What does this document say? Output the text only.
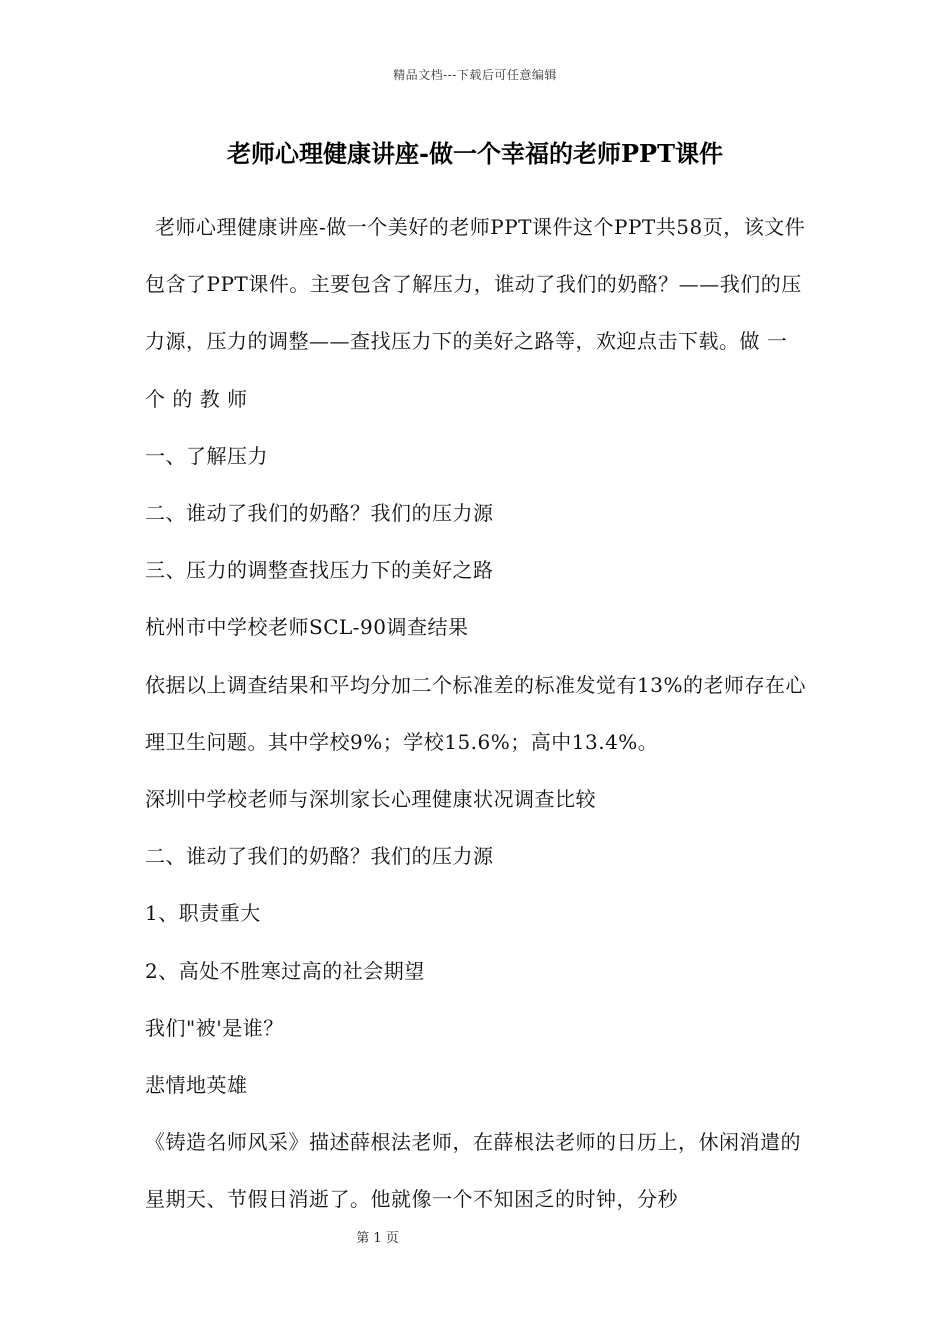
精品文档---下载后可任意编辑
老师心理健康讲座-做一个幸福的老师PPT课件

老师心理健康讲座-做一个美好的老师PPT课件这个PPT共58页，该文件包含了PPT课件。主要包含了解压力，谁动了我们的奶酪？——我们的压力源，压力的调整——查找压力下的美好之路等，欢迎点击下载。做 一 个 的 教 师

一、了解压力

二、谁动了我们的奶酪？我们的压力源

三、压力的调整查找压力下的美好之路

杭州市中学校老师SCL-90调查结果

依据以上调查结果和平均分加二个标准差的标准发觉有13%的老师存在心理卫生问题。其中学校9%；学校15.6%；高中13.4%。

深圳中学校老师与深圳家长心理健康状况调查比较

二、谁动了我们的奶酪？我们的压力源

1、职责重大

2、高处不胜寒过高的社会期望

我们"被'是谁？

悲情地英雄

《铸造名师风采》描述薛根法老师，在薛根法老师的日历上，休闲消遣的星期天、节假日消逝了。他就像一个不知困乏的时钟，分秒

第 1 页
